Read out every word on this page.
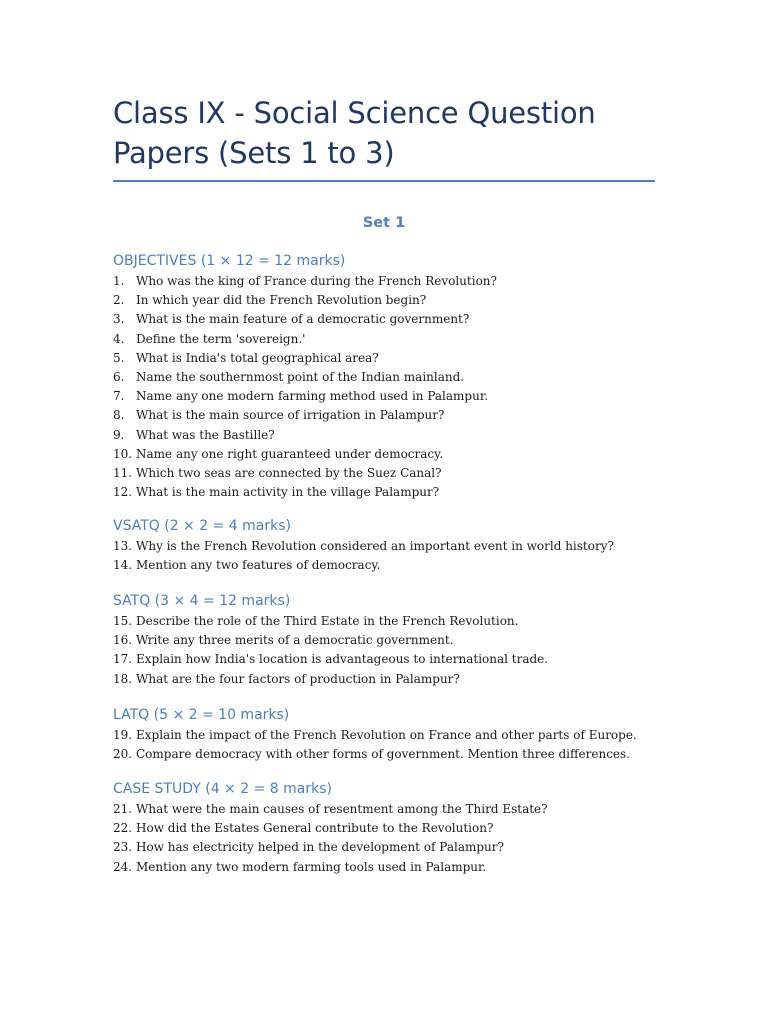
Class IX - Social Science Question Papers (Sets 1 to 3)
Set 1
OBJECTIVES (1 × 12 = 12 marks)
1. Who was the king of France during the French Revolution?
2. In which year did the French Revolution begin?
3. What is the main feature of a democratic government?
4. Define the term 'sovereign.'
5. What is India's total geographical area?
6. Name the southernmost point of the Indian mainland.
7. Name any one modern farming method used in Palampur.
8. What is the main source of irrigation in Palampur?
9. What was the Bastille?
10. Name any one right guaranteed under democracy.
11. Which two seas are connected by the Suez Canal?
12. What is the main activity in the village Palampur?
VSATQ (2 × 2 = 4 marks)
13. Why is the French Revolution considered an important event in world history?
14. Mention any two features of democracy.
SATQ (3 × 4 = 12 marks)
15. Describe the role of the Third Estate in the French Revolution.
16. Write any three merits of a democratic government.
17. Explain how India's location is advantageous to international trade.
18. What are the four factors of production in Palampur?
LATQ (5 × 2 = 10 marks)
19. Explain the impact of the French Revolution on France and other parts of Europe.
20. Compare democracy with other forms of government. Mention three differences.
CASE STUDY (4 × 2 = 8 marks)
21. What were the main causes of resentment among the Third Estate?
22. How did the Estates General contribute to the Revolution?
23. How has electricity helped in the development of Palampur?
24. Mention any two modern farming tools used in Palampur.
